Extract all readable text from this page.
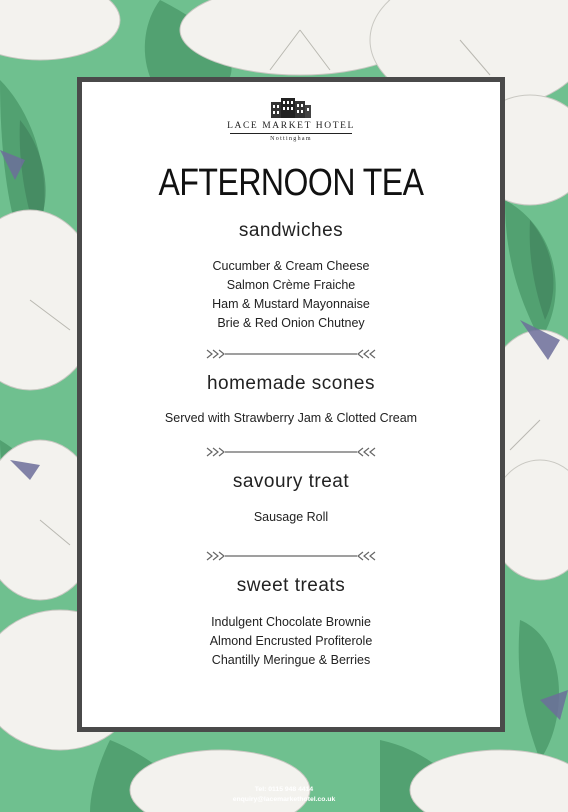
LACE MARKET HOTEL
Nottingham
AFTERNOON TEA
sandwiches
Cucumber & Cream Cheese
Salmon Crème Fraiche
Ham & Mustard Mayonnaise
Brie & Red Onion Chutney
homemade scones
Served with Strawberry Jam & Clotted Cream
savoury treat
Sausage Roll
sweet treats
Indulgent Chocolate Brownie
Almond Encrusted Profiterole
Chantilly Meringue & Berries
Tel: 0115 948 4414
enquiry@lacemarkethotel.co.uk
